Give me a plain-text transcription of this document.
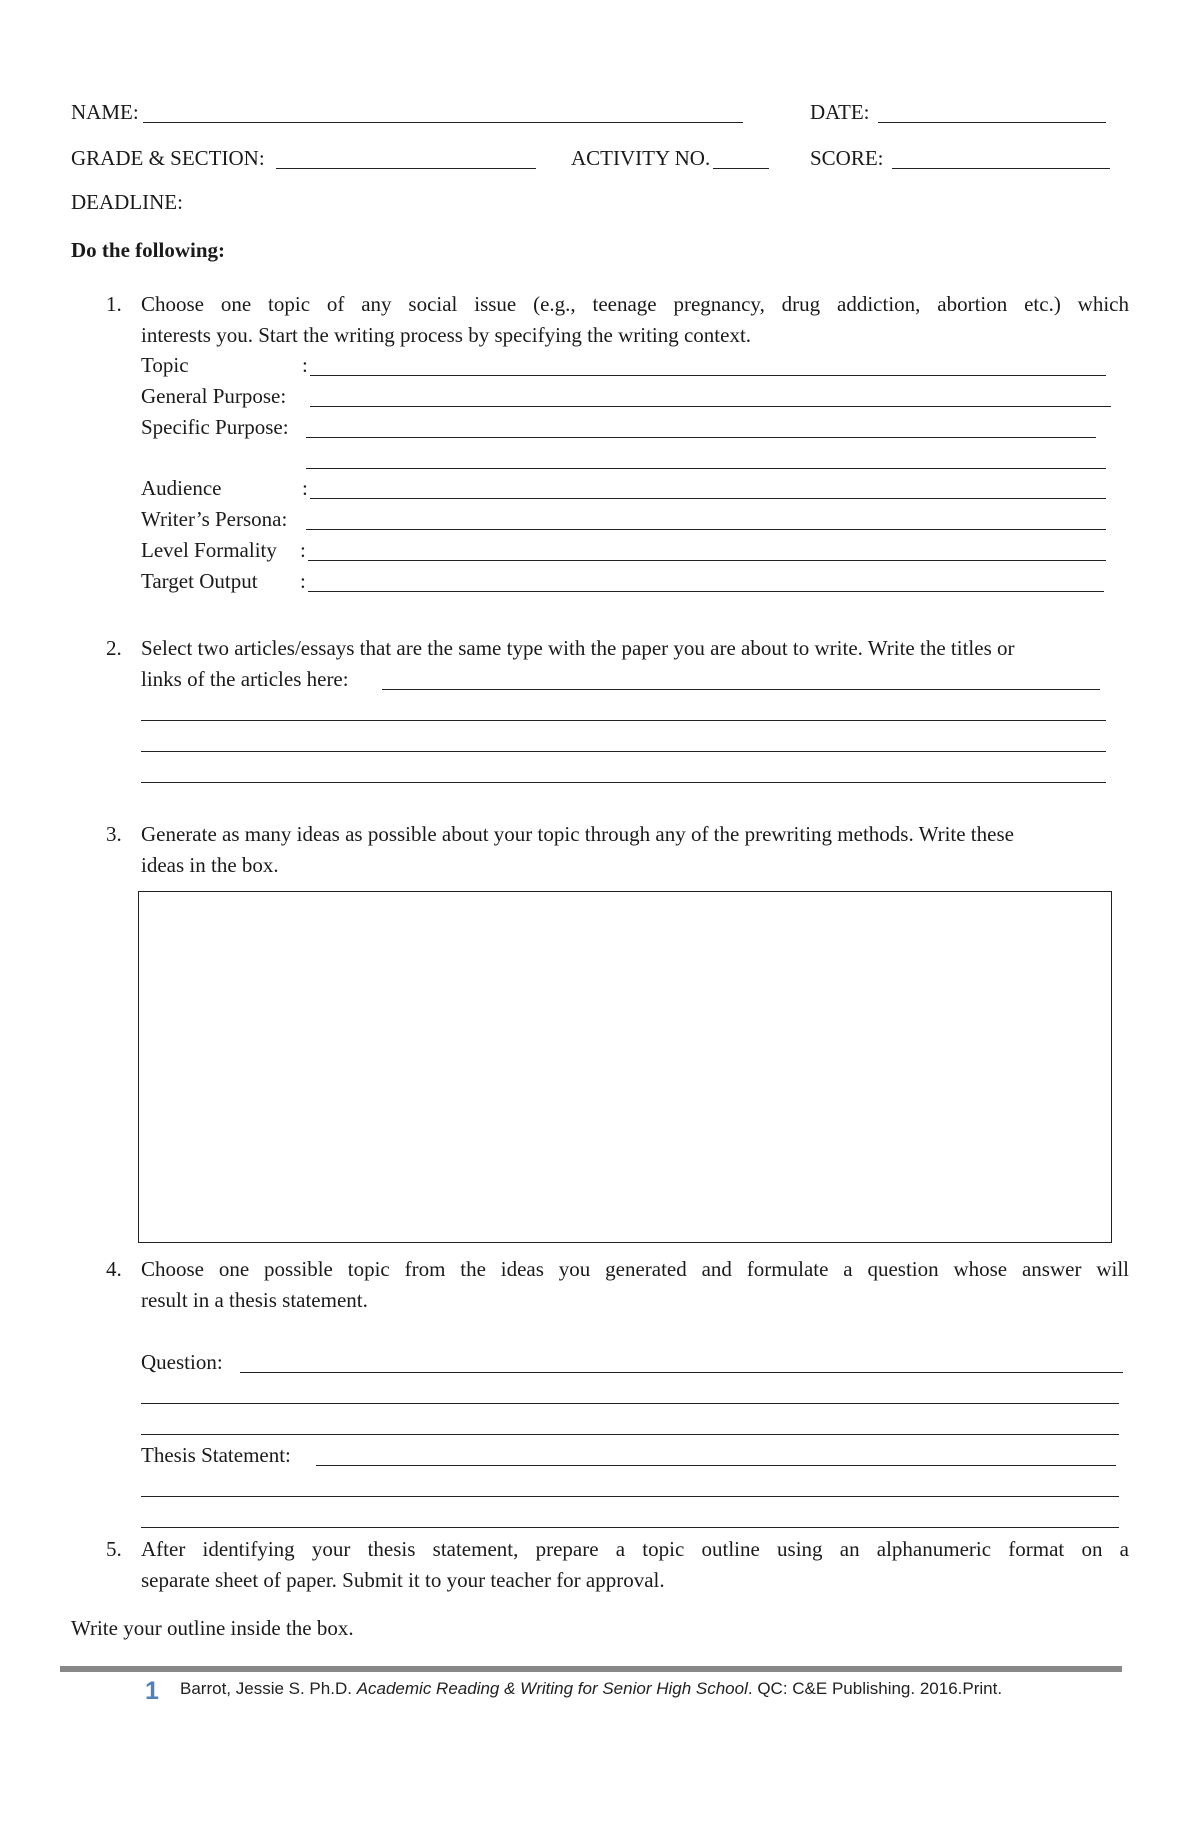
NAME:	DATE:
GRADE & SECTION:	ACTIVITY NO.	SCORE:
DEADLINE:
Do the following:
1. Choose one topic of any social issue (e.g., teenage pregnancy, drug addiction, abortion etc.) which
interests you. Start the writing process by specifying the writing context.
Topic	:
General Purpose:
Specific Purpose:
Audience	:
Writer’s Persona:
Level Formality :
Target Output :
2. Select two articles/essays that are the same type with the paper you are about to write. Write the titles or
links of the articles here:
3. Generate as many ideas as possible about your topic through any of the prewriting methods. Write these
ideas in the box.
4. Choose one possible topic from the ideas you generated and formulate a question whose answer will
result in a thesis statement.
Question:
Thesis Statement:
5. After identifying your thesis statement, prepare a topic outline using an alphanumeric format on a
separate sheet of paper. Submit it to your teacher for approval.
Write your outline inside the box.
1 Barrot, Jessie S. Ph.D. Academic Reading & Writing for Senior High School. QC: C&E Publishing. 2016.Print.
